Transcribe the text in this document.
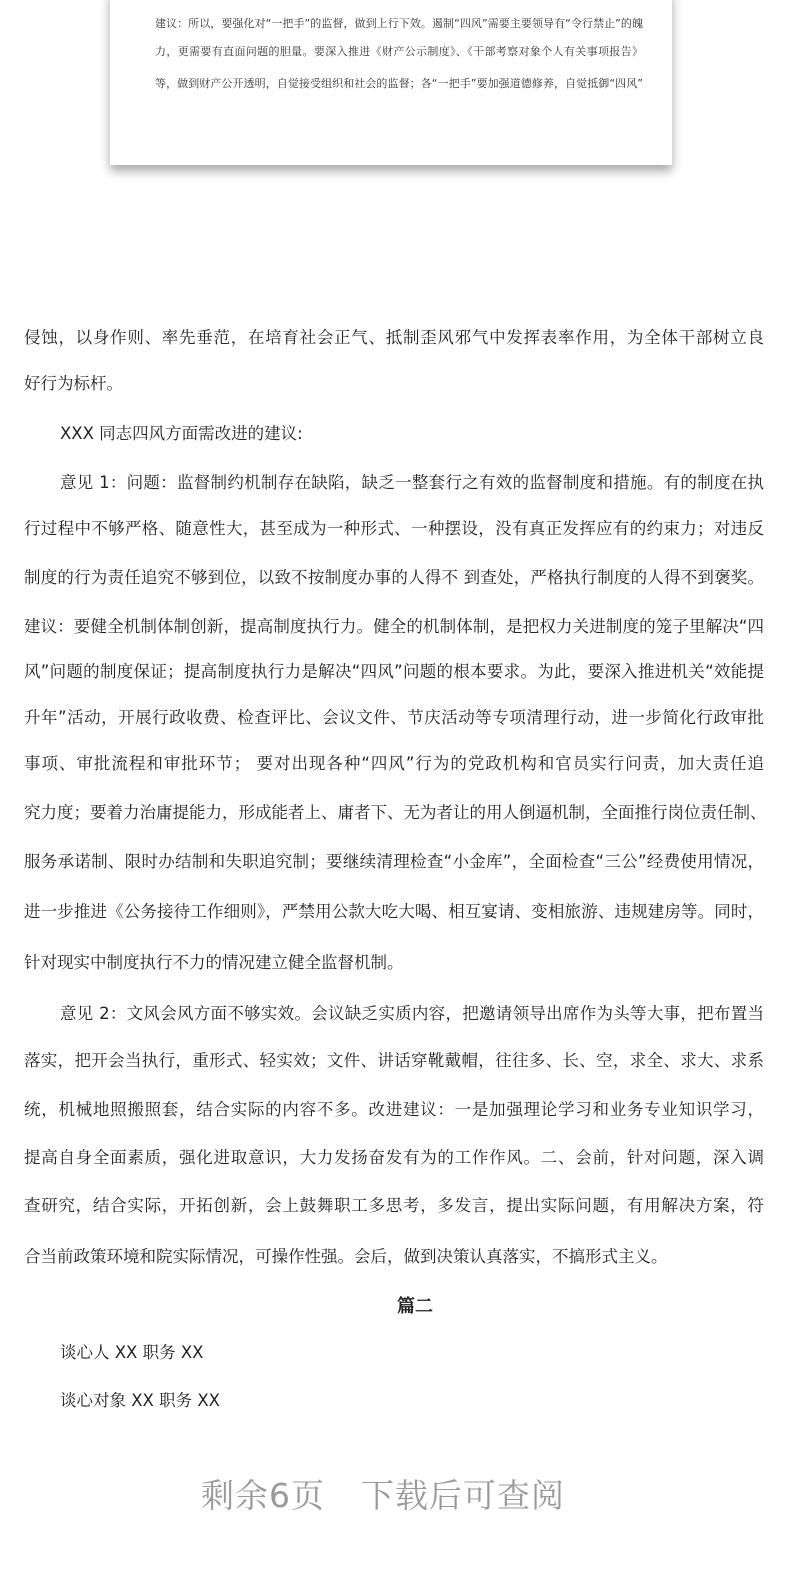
建议：所以，要强化对“一把手”的监督，做到上行下效。遏制“四风”需要主要领导有“令行禁止”的魄
力，更需要有直面问题的胆量。要深入推进《财产公示制度》、《干部考察对象个人有关事项报告》
等，做到财产公开透明，自觉接受组织和社会的监督；各“一把手”要加强道德修养，自觉抵御“四风”
侵蚀，以身作则、率先垂范，在培育社会正气、抵制歪风邪气中发挥表率作用，为全体干部树立良
好行为标杆。
XXX 同志四风方面需改进的建议:
意见 1：问题：监督制约机制存在缺陷，缺乏一整套行之有效的监督制度和措施。有的制度在执
行过程中不够严格、随意性大，甚至成为一种形式、一种摆设，没有真正发挥应有的约束力；对违反
制度的行为责任追究不够到位，以致不按制度办事的人得不 到查处，严格执行制度的人得不到褒奖。
建议：要健全机制体制创新，提高制度执行力。健全的机制体制，是把权力关进制度的笼子里解决“四
风”问题的制度保证；提高制度执行力是解决“四风”问题的根本要求。为此，要深入推进机关“效能提
升年”活动，开展行政收费、检查评比、会议文件、节庆活动等专项清理行动，进一步简化行政审批
事项、审批流程和审批环节； 要对出现各种“四风”行为的党政机构和官员实行问责，加大责任追
究力度；要着力治庸提能力，形成能者上、庸者下、无为者让的用人倒逼机制，全面推行岗位责任制、
服务承诺制、限时办结制和失职追究制；要继续清理检查“小金库”，全面检查“三公”经费使用情况，
进一步推进《公务接待工作细则》，严禁用公款大吃大喝、相互宴请、变相旅游、违规建房等。同时，
针对现实中制度执行不力的情况建立健全监督机制。
意见 2：文风会风方面不够实效。会议缺乏实质内容，把邀请领导出席作为头等大事，把布置当
落实，把开会当执行，重形式、轻实效；文件、讲话穿靴戴帽，往往多、长、空，求全、求大、求系
统，机械地照搬照套，结合实际的内容不多。改进建议：一是加强理论学习和业务专业知识学习，
提高自身全面素质，强化进取意识，大力发扬奋发有为的工作作风。二、会前，针对问题，深入调
查研究，结合实际，开拓创新，会上鼓舞职工多思考，多发言，提出实际问题，有用解决方案，符
合当前政策环境和院实际情况，可操作性强。会后，做到决策认真落实，不搞形式主义。
篇二
谈心人 XX 职务 XX
谈心对象 XX 职务 XX
剩余6页 下载后可查阅
